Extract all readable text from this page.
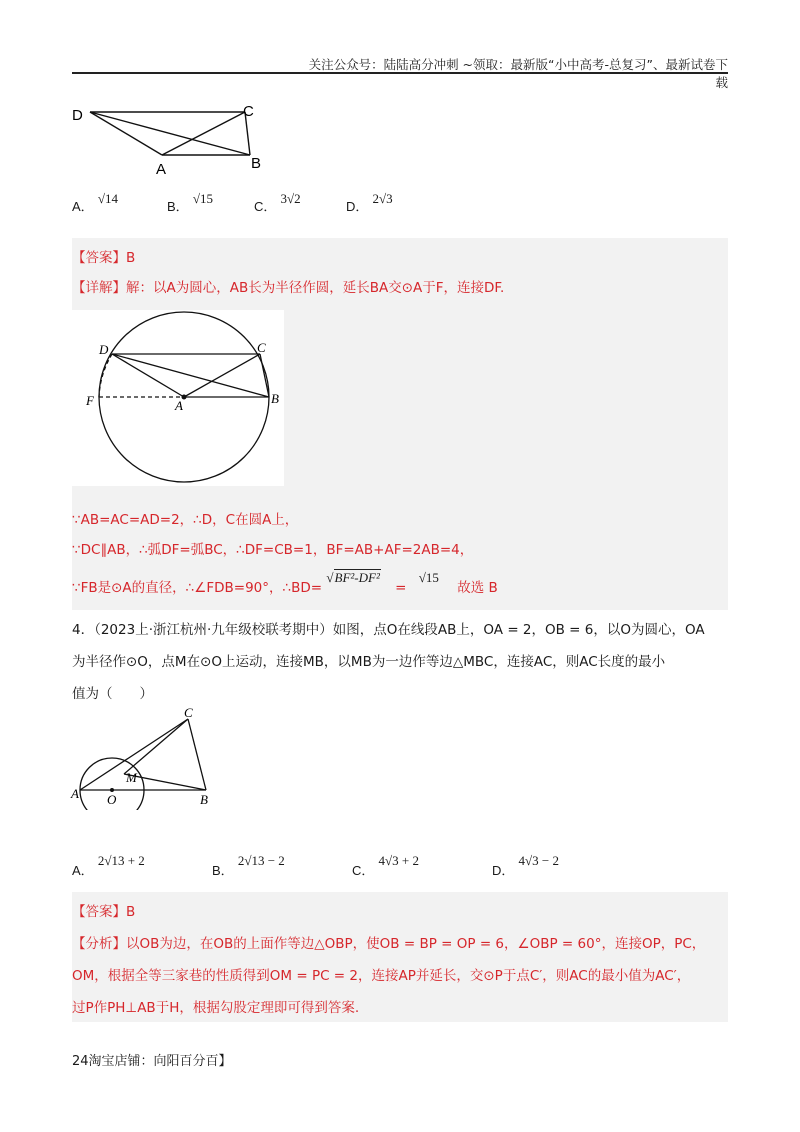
关注公众号：陆陆高分冲刺 ~领取：最新版“小中高考-总复习”、最新试卷下载
D	C
A	B
A． √14
B． √15
C． 3√2
D． 2√3
【答案】B
【详解】解：以A为圆心，AB长为半径作圆，延长BA交⊙A于F，连接DF.
D	C
F	A	B
∵AB=AC=AD=2，∴D，C在圆A上，
∵DC∥AB，∴弧DF=弧BC，∴DF=CB=1，BF=AB+AF=2AB=4，
∵FB是⊙A的直径，∴∠FDB=90°，∴BD= √BF²-DF² = √15 故选 B
4．（2023上·浙江杭州·九年级校联考期中）如图，点O在线段AB上，OA = 2，OB = 6，以O为圆心，OA
为半径作⊙O，点M在⊙O上运动，连接MB，以MB为一边作等边△MBC，连接AC，则AC长度的最小
值为（　　）
C
M
A O	B
A． 2√13 + 2
B． 2√13 − 2
C． 4√3 + 2
D． 4√3 − 2
【答案】B
【分析】以OB为边，在OB的上面作等边△OBP，使OB = BP = OP = 6，∠OBP = 60°，连接OP，PC，
OM，根据全等三家巷的性质得到OM = PC = 2，连接AP并延长，交⊙P于点C′，则AC的最小值为AC′，
过P作PH⊥AB于H，根据勾股定理即可得到答案.
24淘宝店铺：向阳百分百】
